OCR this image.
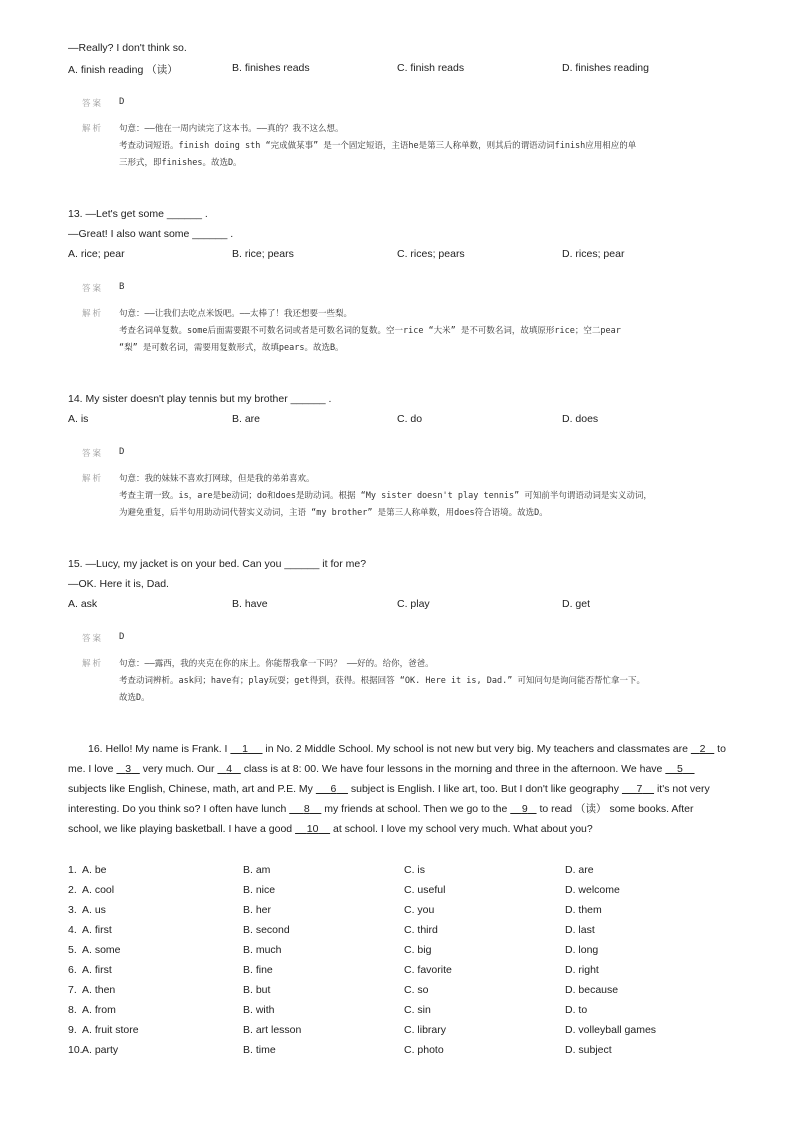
—Really? I don't think so.
A. finish reading （读）	B. finishes reads	C. finish reads	D. finishes reading
答案 D
解析 句意：——他在一周内读完了这本书。——真的？我不这么想。
考查动词短语。finish doing sth “完成做某事” 是一个固定短语，主语he是第三人称单数，则其后的谓语动词finish应用相应的单
三形式，即finishes。故选D。
13. —Let's get some ______ .
—Great! I also want some ______ .
A. rice; pear	B. rice; pears	C. rices; pears	D. rices; pear
答案 B
解析 句意：——让我们去吃点米饭吧。——太棒了！我还想要一些梨。
考查名词单复数。some后面需要跟不可数名词或者是可数名词的复数。空一rice “大米” 是不可数名词，故填原形rice；空二pear
“梨” 是可数名词，需要用复数形式，故填pears。故选B。
14. My sister doesn't play tennis but my brother ______ .
A. is	B. are	C. do	D. does
答案 D
解析 句意：我的妹妹不喜欢打网球，但是我的弟弟喜欢。
考查主谓一致。is，are是be动词；do和does是助动词。根据 “My sister doesn't play tennis” 可知前半句谓语动词是实义动词，
为避免重复，后半句用助动词代替实义动词，主语 “my brother” 是第三人称单数，用does符合语境。故选D。
15. —Lucy, my jacket is on your bed. Can you ______ it for me?
—OK. Here it is, Dad.
A. ask	B. have	C. play	D. get
答案 D
解析 句意：——露西，我的夹克在你的床上。你能帮我拿一下吗？ ——好的。给你，爸爸。
考查动词辨析。ask问；have有；play玩耍；get得到，获得。根据回答 “OK. Here it is, Dad.” 可知问句是询问能否帮忙拿一下。
故选D。
16. Hello! My name is Frank. I     1      in No. 2 Middle School. My school is not new but very big. My teachers and classmates are    2    to me. I love    3    very much. Our    4    class is at 8: 00. We have four lessons in the morning and three in the afternoon. We have     5     subjects like English, Chinese, math, art and P.E. My      6     subject is English. I like art, too. But I don't like geography      7     it's not very interesting. Do you think so? I often have lunch      8     my friends at school. Then we go to the     9    to read （读） some books. After school, we like playing basketball. I have a good     10     at school. I love my school very much. What about you?
1. A. be	B. am	C. is	D. are
2. A. cool	B. nice	C. useful	D. welcome
3. A. us	B. her	C. you	D. them
4. A. first	B. second	C. third	D. last
5. A. some	B. much	C. big	D. long
6. A. first	B. fine	C. favorite	D. right
7. A. then	B. but	C. so	D. because
8. A. from	B. with	C. sin	D. to
9. A. fruit store	B. art lesson	C. library	D. volleyball games
10. A. party	B. time	C. photo	D. subject
